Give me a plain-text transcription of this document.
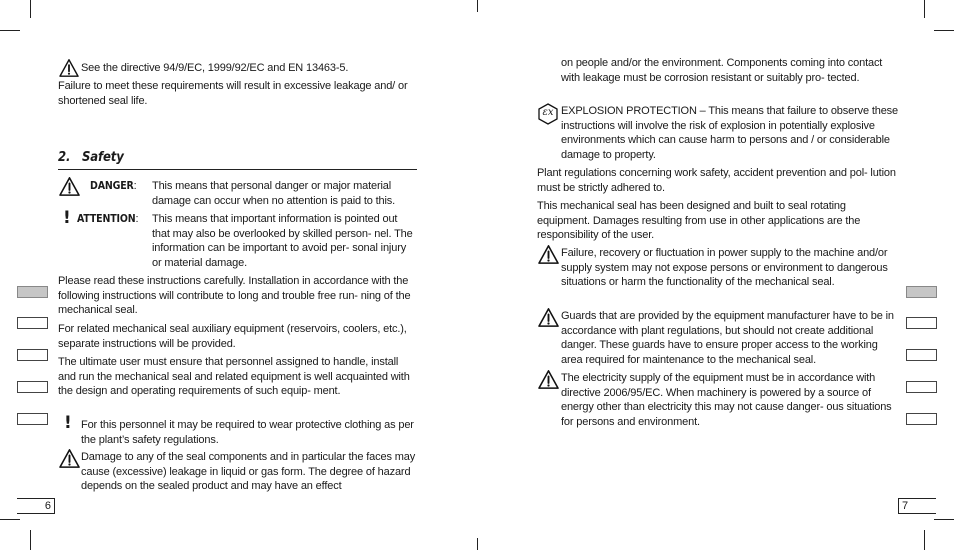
See the directive 94/9/EC, 1999/92/EC and EN 13463-5.

Failure to meet these requirements will result in excessive leakage and/ or shortened seal life.

2.   Safety

DANGER: This means that personal danger or major material damage can occur when no attention is paid to this.

! ATTENTION: This means that important information is pointed out that may also be overlooked by skilled person- nel. The information can be important to avoid per- sonal injury or material damage.

Please read these instructions carefully. Installation in accordance with the following instructions will contribute to long and trouble free run- ning of the mechanical seal.

For related mechanical seal auxiliary equipment (reservoirs, coolers, etc.), separate instructions will be provided.

The ultimate user must ensure that personnel assigned to handle, install and run the mechanical seal and related equipment is well acquainted with the design and operating requirements of such equip- ment.

! For this personnel it may be required to wear protective clothing as per the plant’s safety regulations.

Damage to any of the seal components and in particular the faces may cause (excessive) leakage in liquid or gas form. The degree of hazard depends on the sealed product and may have an effect

6

on people and/or the environment. Components coming into contact with leakage must be corrosion resistant or suitably pro- tected.

εx EXPLOSION PROTECTION – This means that failure to observe these instructions will involve the risk of explosion in potentially explosive environments which can cause harm to persons and / or considerable damage to property.

Plant regulations concerning work safety, accident prevention and pol- lution must be strictly adhered to.

This mechanical seal has been designed and built to seal rotating equipment. Damages resulting from use in other applications are the responsibility of the user.

Failure, recovery or fluctuation in power supply to the machine and/or supply system may not expose persons or environment to dangerous situations or harm the functionality of the mechanical seal.

Guards that are provided by the equipment manufacturer have to be in accordance with plant regulations, but should not create additional danger. These guards have to ensure proper access to the working area required for maintenance to the mechanical seal.

The electricity supply of the equipment must be in accordance with directive 2006/95/EC. When machinery is powered by a source of energy other than electricity this may not cause danger- ous situations for persons and environment.

7
